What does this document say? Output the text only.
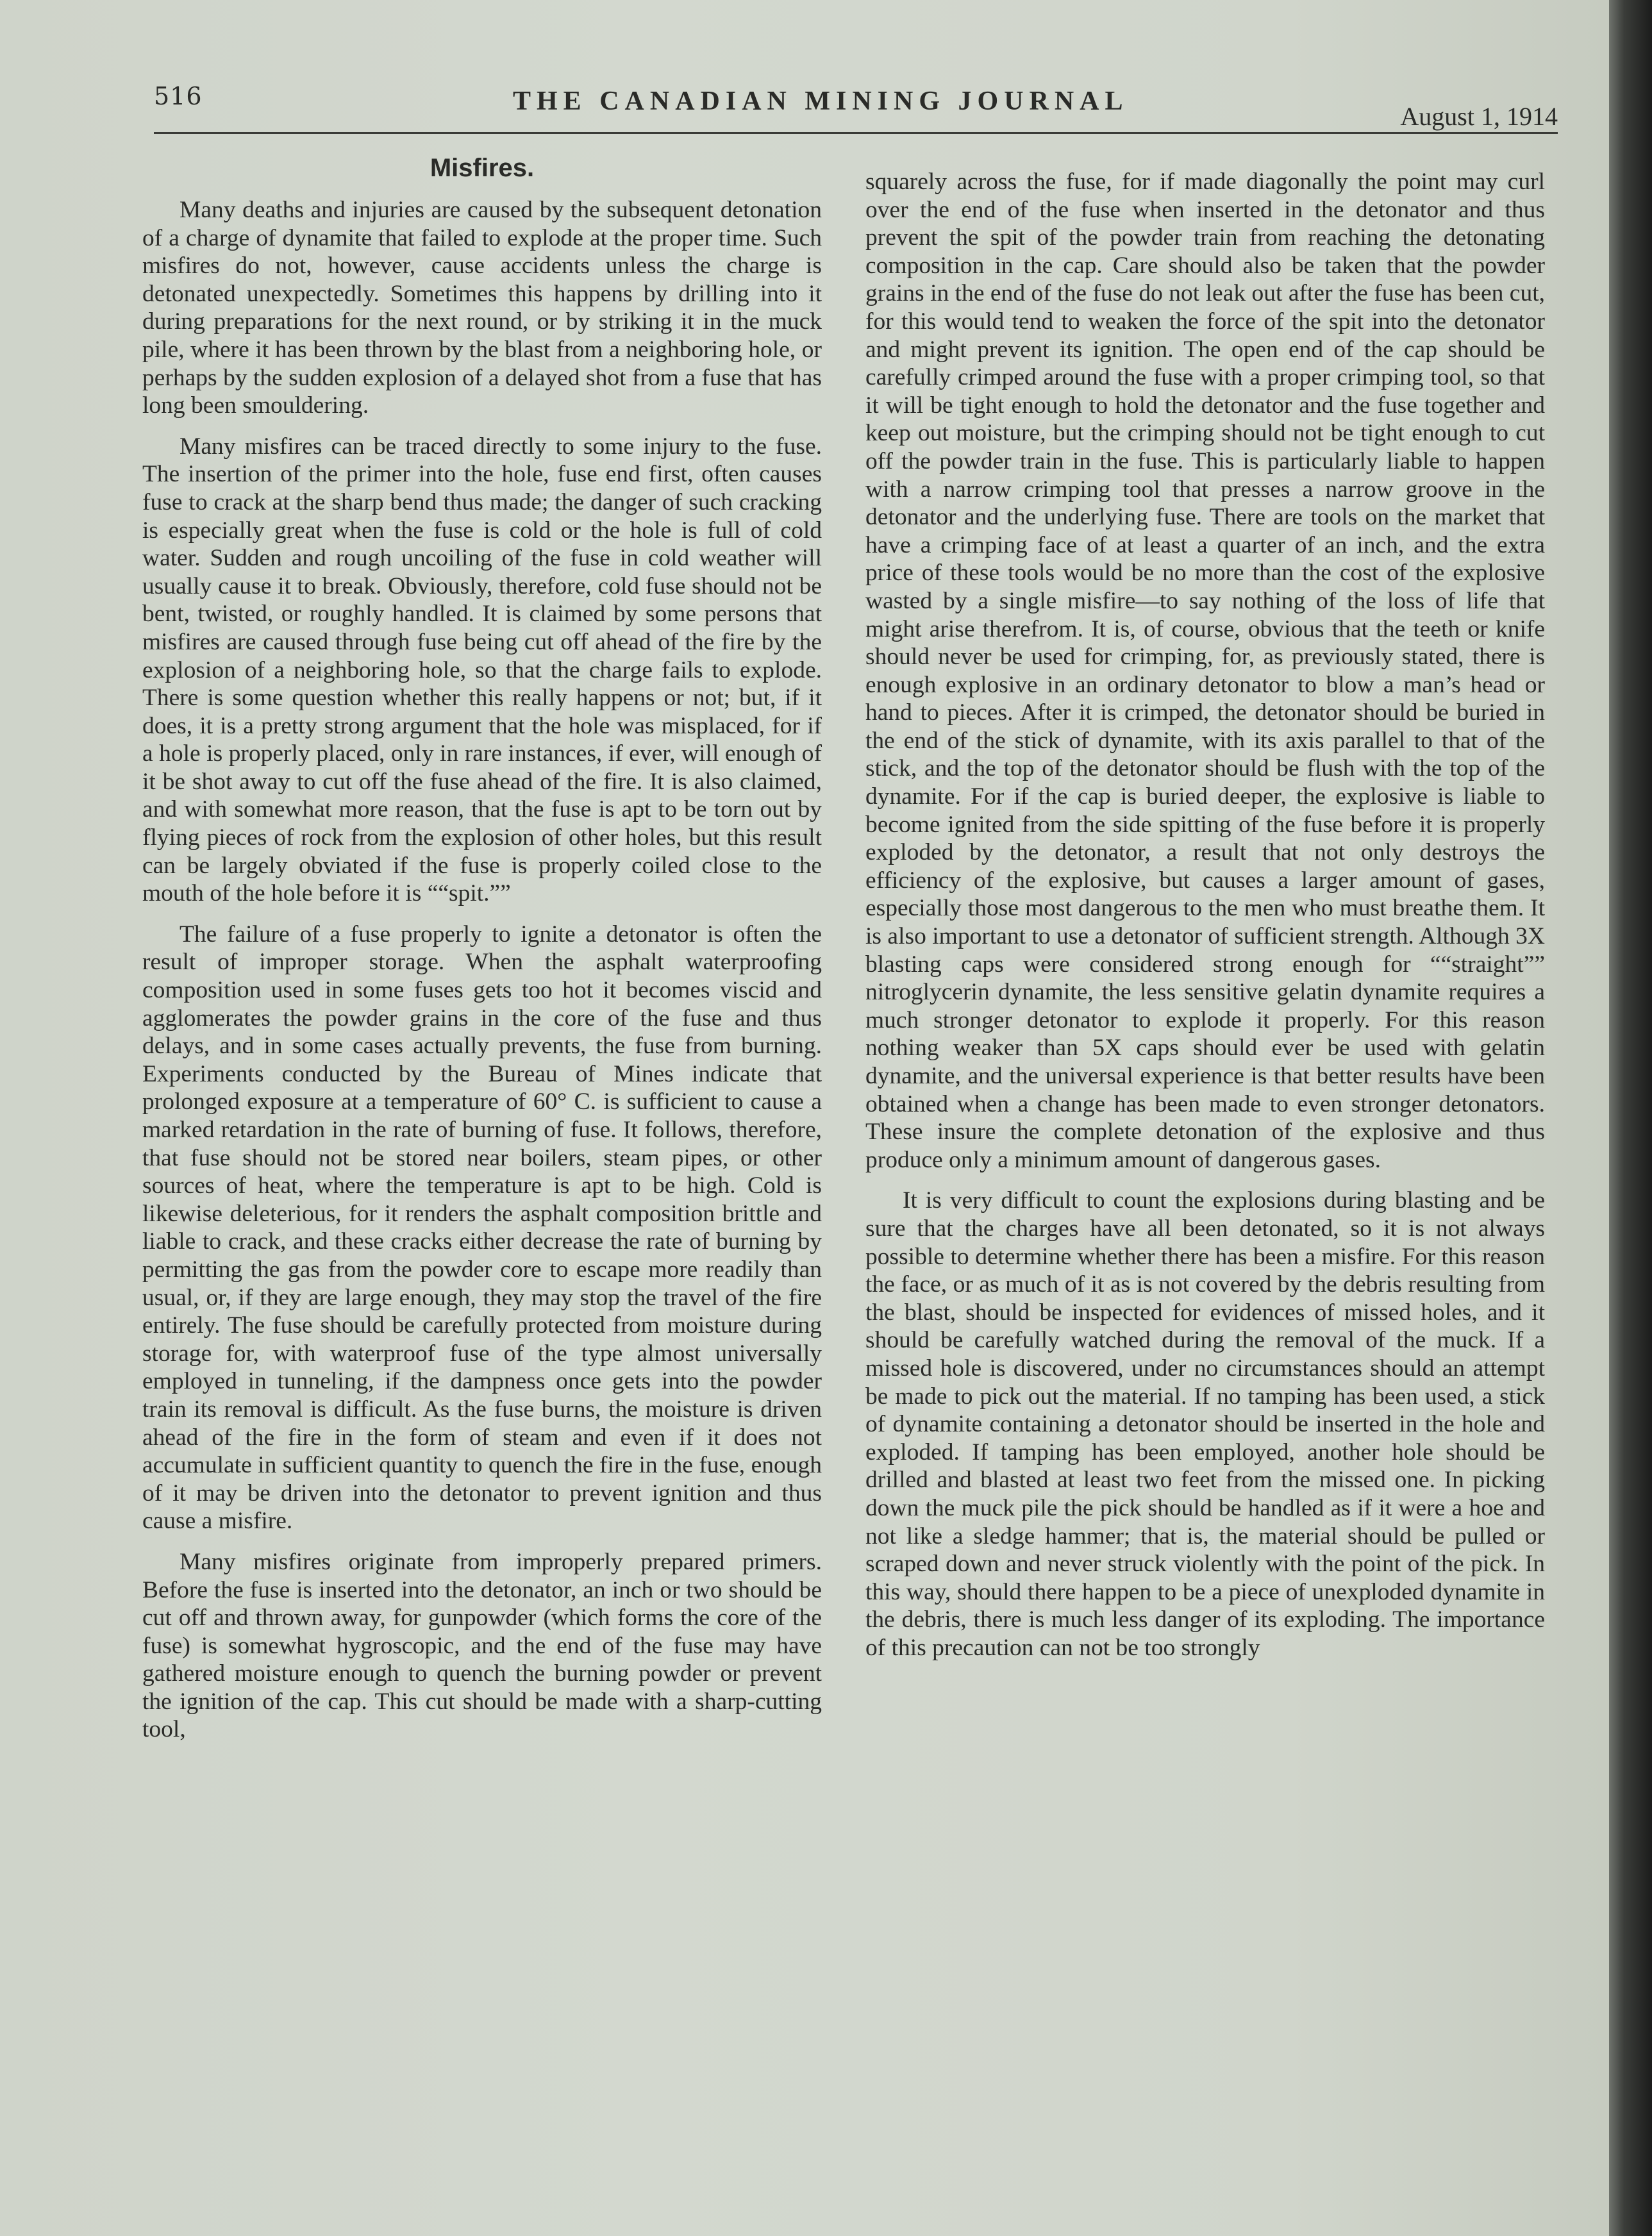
516	THE CANADIAN MINING JOURNAL
August 1, 1914
Misfires.

Many deaths and injuries are caused by the subsequent detonation of a charge of dynamite that failed to explode at the proper time. Such misfires do not, however, cause accidents unless the charge is detonated unexpectedly. Sometimes this happens by drilling into it during preparations for the next round, or by striking it in the muck pile, where it has been thrown by the blast from a neighboring hole, or perhaps by the sudden explosion of a delayed shot from a fuse that has long been smouldering.

Many misfires can be traced directly to some injury to the fuse. The insertion of the primer into the hole, fuse end first, often causes fuse to crack at the sharp bend thus made; the danger of such cracking is especially great when the fuse is cold or the hole is full of cold water. Sudden and rough uncoiling of the fuse in cold weather will usually cause it to break. Obviously, therefore, cold fuse should not be bent, twisted, or roughly handled. It is claimed by some persons that misfires are caused through fuse being cut off ahead of the fire by the explosion of a neighboring hole, so that the charge fails to explode. There is some question whether this really happens or not; but, if it does, it is a pretty strong argument that the hole was misplaced, for if a hole is properly placed, only in rare instances, if ever, will enough of it be shot away to cut off the fuse ahead of the fire. It is also claimed, and with somewhat more reason, that the fuse is apt to be torn out by flying pieces of rock from the explosion of other holes, but this result can be largely obviated if the fuse is properly coiled close to the mouth of the hole before it is ““spit.””

The failure of a fuse properly to ignite a detonator is often the result of improper storage. When the asphalt waterproofing composition used in some fuses gets too hot it becomes viscid and agglomerates the powder grains in the core of the fuse and thus delays, and in some cases actually prevents, the fuse from burning. Experiments conducted by the Bureau of Mines indicate that prolonged exposure at a temperature of 60° C. is sufficient to cause a marked retardation in the rate of burning of fuse. It follows, therefore, that fuse should not be stored near boilers, steam pipes, or other sources of heat, where the temperature is apt to be high. Cold is likewise deleterious, for it renders the asphalt composition brittle and liable to crack, and these cracks either decrease the rate of burning by permitting the gas from the powder core to escape more readily than usual, or, if they are large enough, they may stop the travel of the fire entirely. The fuse should be carefully protected from moisture during storage for, with waterproof fuse of the type almost universally employed in tunneling, if the dampness once gets into the powder train its removal is difficult. As the fuse burns, the moisture is driven ahead of the fire in the form of steam and even if it does not accumulate in sufficient quantity to quench the fire in the fuse, enough of it may be driven into the detonator to prevent ignition and thus cause a misfire.

Many misfires originate from improperly prepared primers. Before the fuse is inserted into the detonator, an inch or two should be cut off and thrown away, for gunpowder (which forms the core of the fuse) is somewhat hygroscopic, and the end of the fuse may have gathered moisture enough to quench the burning powder or prevent the ignition of the cap. This cut should be made with a sharp-cutting tool,

squarely across the fuse, for if made diagonally the point may curl over the end of the fuse when inserted in the detonator and thus prevent the spit of the powder train from reaching the detonating composition in the cap. Care should also be taken that the powder grains in the end of the fuse do not leak out after the fuse has been cut, for this would tend to weaken the force of the spit into the detonator and might prevent its ignition. The open end of the cap should be carefully crimped around the fuse with a proper crimping tool, so that it will be tight enough to hold the detonator and the fuse together and keep out moisture, but the crimping should not be tight enough to cut off the powder train in the fuse. This is particularly liable to happen with a narrow crimping tool that presses a narrow groove in the detonator and the underlying fuse. There are tools on the market that have a crimping face of at least a quarter of an inch, and the extra price of these tools would be no more than the cost of the explosive wasted by a single misfire—to say nothing of the loss of life that might arise therefrom. It is, of course, obvious that the teeth or knife should never be used for crimping, for, as previously stated, there is enough explosive in an ordinary detonator to blow a man’s head or hand to pieces. After it is crimped, the detonator should be buried in the end of the stick of dynamite, with its axis parallel to that of the stick, and the top of the detonator should be flush with the top of the dynamite. For if the cap is buried deeper, the explosive is liable to become ignited from the side spitting of the fuse before it is properly exploded by the detonator, a result that not only destroys the efficiency of the explosive, but causes a larger amount of gases, especially those most dangerous to the men who must breathe them. It is also important to use a detonator of sufficient strength. Although 3X blasting caps were considered strong enough for ““straight”” nitroglycerin dynamite, the less sensitive gelatin dynamite requires a much stronger detonator to explode it properly. For this reason nothing weaker than 5X caps should ever be used with gelatin dynamite, and the universal experience is that better results have been obtained when a change has been made to even stronger detonators. These insure the complete detonation of the explosive and thus produce only a minimum amount of dangerous gases.

It is very difficult to count the explosions during blasting and be sure that the charges have all been detonated, so it is not always possible to determine whether there has been a misfire. For this reason the face, or as much of it as is not covered by the debris resulting from the blast, should be inspected for evidences of missed holes, and it should be carefully watched during the removal of the muck. If a missed hole is discovered, under no circumstances should an attempt be made to pick out the material. If no tamping has been used, a stick of dynamite containing a detonator should be inserted in the hole and exploded. If tamping has been employed, another hole should be drilled and blasted at least two feet from the missed one. In picking down the muck pile the pick should be handled as if it were a hoe and not like a sledge hammer; that is, the material should be pulled or scraped down and never struck violently with the point of the pick. In this way, should there happen to be a piece of unexploded dynamite in the debris, there is much less danger of its exploding. The importance of this precaution can not be too strongly
